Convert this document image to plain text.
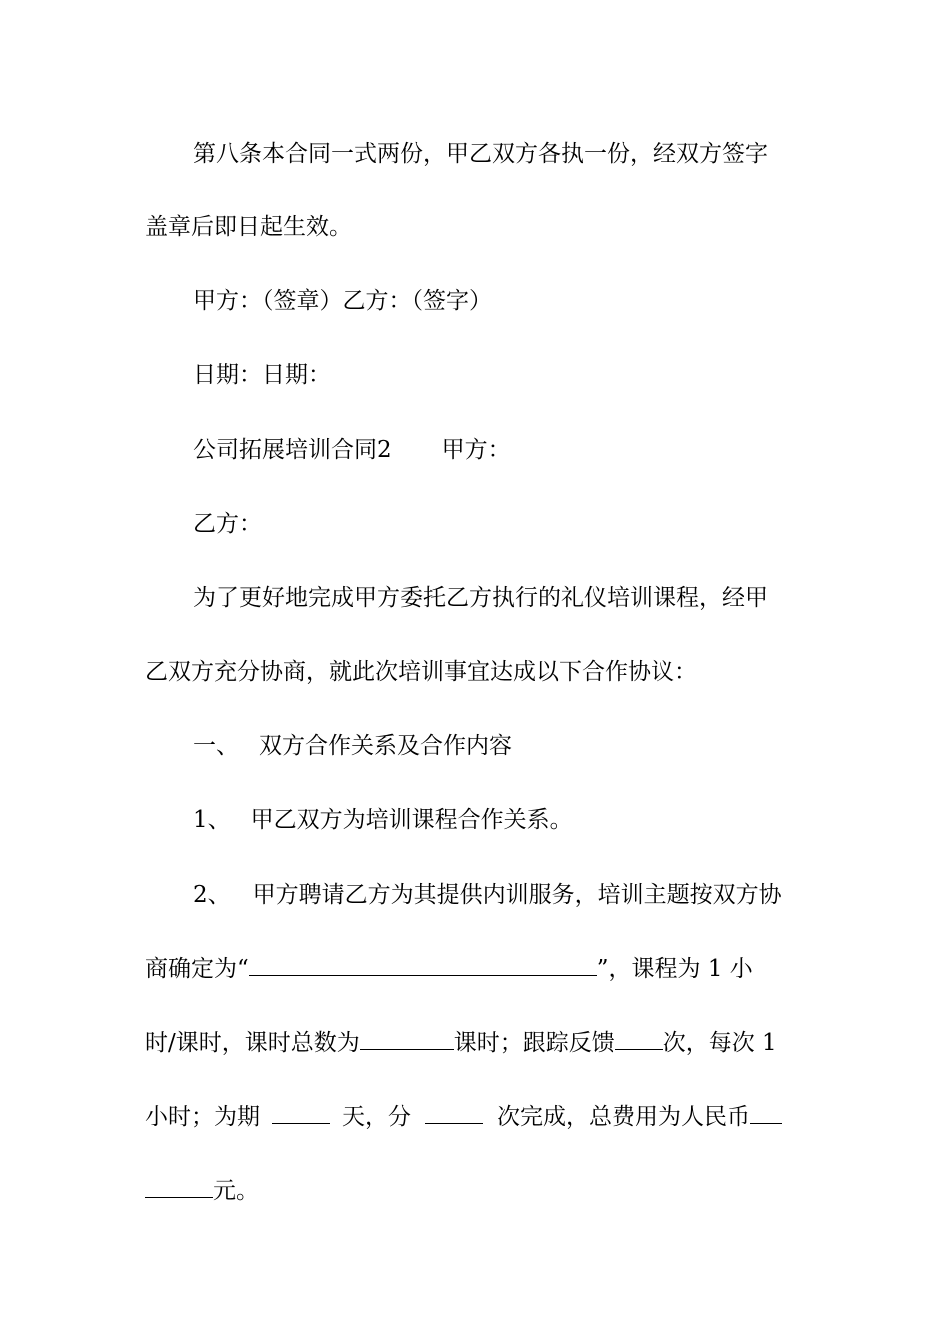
第八条本合同一式两份，甲乙双方各执一份，经双方签字
盖章后即日起生效。
甲方：（签章）乙方：（签字）
日期：日期：
公司拓展培训合同2 甲方：
乙方：
为了更好地完成甲方委托乙方执行的礼仪培训课程，经甲
乙双方充分协商，就此次培训事宜达成以下合作协议：
一、 双方合作关系及合作内容
1、 甲乙双方为培训课程合作关系。
2、 甲方聘请乙方为其提供内训服务，培训主题按双方协
商确定为“	”，课程为 1 小
时/课时，课时总数为	课时；跟踪反馈 次，每次 1
小时；为期	天，分	次完成，总费用为人民币
元。
